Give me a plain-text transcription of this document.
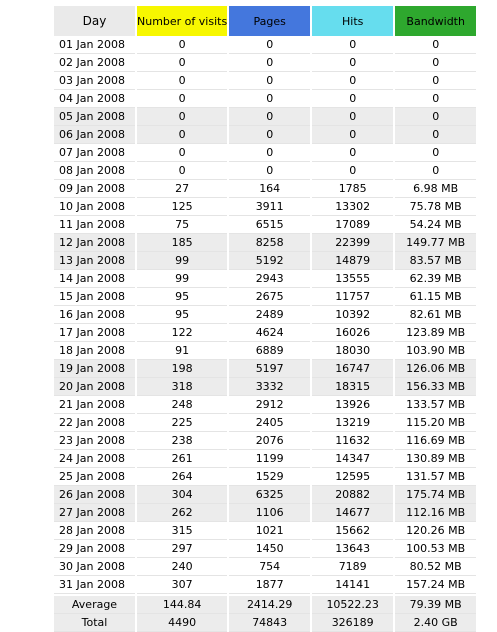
Day	Number of visits	Pages	Hits	Bandwidth
01 Jan 2008	0	0	0	0
02 Jan 2008	0	0	0	0
03 Jan 2008	0	0	0	0
04 Jan 2008	0	0	0	0
05 Jan 2008	0	0	0	0
06 Jan 2008	0	0	0	0
07 Jan 2008	0	0	0	0
08 Jan 2008	0	0	0	0
09 Jan 2008	27	164	1785	6.98 MB
10 Jan 2008	125	3911	13302	75.78 MB
11 Jan 2008	75	6515	17089	54.24 MB
12 Jan 2008	185	8258	22399	149.77 MB
13 Jan 2008	99	5192	14879	83.57 MB
14 Jan 2008	99	2943	13555	62.39 MB
15 Jan 2008	95	2675	11757	61.15 MB
16 Jan 2008	95	2489	10392	82.61 MB
17 Jan 2008	122	4624	16026	123.89 MB
18 Jan 2008	91	6889	18030	103.90 MB
19 Jan 2008	198	5197	16747	126.06 MB
20 Jan 2008	318	3332	18315	156.33 MB
21 Jan 2008	248	2912	13926	133.57 MB
22 Jan 2008	225	2405	13219	115.20 MB
23 Jan 2008	238	2076	11632	116.69 MB
24 Jan 2008	261	1199	14347	130.89 MB
25 Jan 2008	264	1529	12595	131.57 MB
26 Jan 2008	304	6325	20882	175.74 MB
27 Jan 2008	262	1106	14677	112.16 MB
28 Jan 2008	315	1021	15662	120.26 MB
29 Jan 2008	297	1450	13643	100.53 MB
30 Jan 2008	240	754	7189	80.52 MB
31 Jan 2008	307	1877	14141	157.24 MB
Average	144.84	2414.29	10522.23	79.39 MB
Total	4490	74843	326189	2.40 GB
